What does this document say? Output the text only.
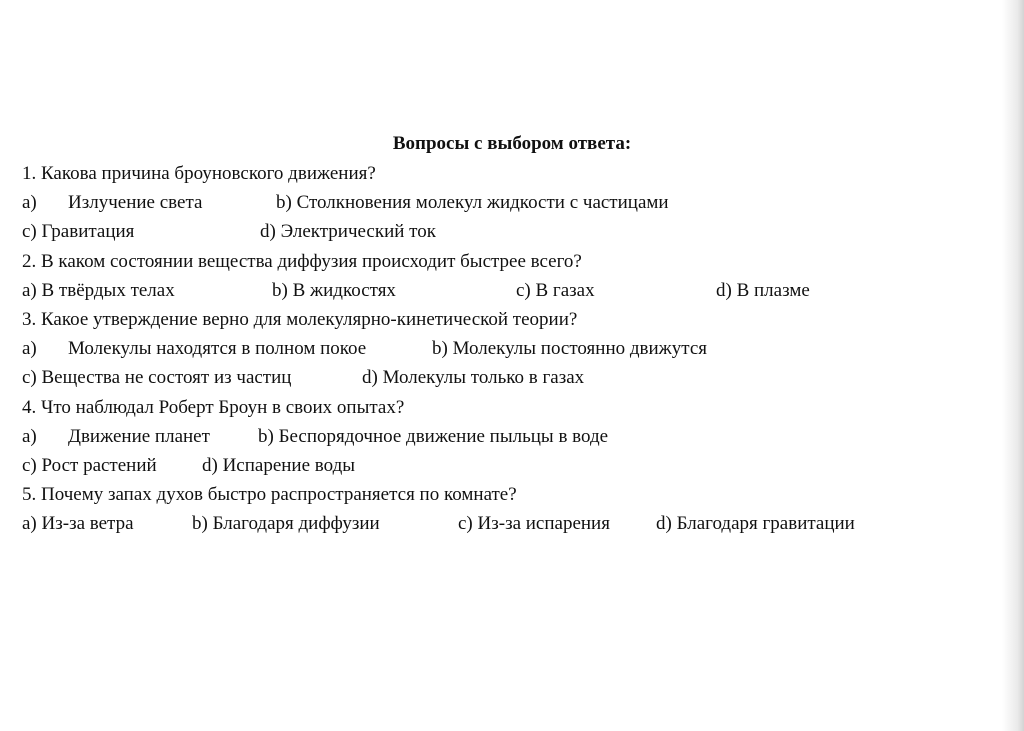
Вопросы с выбором ответа:
1. Какова причина броуновского движения?
a) Излучение света	b) Столкновения молекул жидкости с частицами
c) Гравитация	d) Электрический ток
2. В каком состоянии вещества диффузия происходит быстрее всего?
a) В твёрдых телах	b) В жидкостях	c) В газах	d) В плазме
3. Какое утверждение верно для молекулярно-кинетической теории?
a) Молекулы находятся в полном покое	b) Молекулы постоянно движутся
c) Вещества не состоят из частиц	d) Молекулы только в газах
4. Что наблюдал Роберт Броун в своих опытах?
a) Движение планет	b) Беспорядочное движение пыльцы в воде
c) Рост растений d) Испарение воды
5. Почему запах духов быстро распространяется по комнате?
a) Из-за ветра	b) Благодаря диффузии	c) Из-за испарения d) Благодаря гравитации
